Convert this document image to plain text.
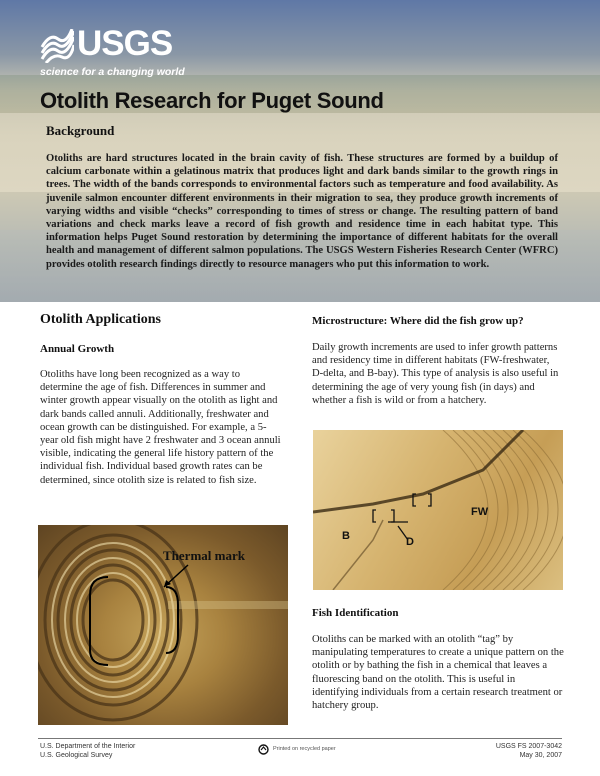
USGS
science for a changing world
Otolith Research for Puget Sound
Background
Otoliths are hard structures located in the brain cavity of fish. These structures are formed by a buildup of calcium carbonate within a gelatinous matrix that produces light and dark bands similar to the growth rings in trees. The width of the bands corresponds to environmental factors such as temperature and food availability. As juvenile salmon encounter different environments in their migration to sea, they produce growth increments of varying widths and visible “checks” corresponding to times of stress or change. The resulting pattern of band variations and check marks leave a record of fish growth and residence time in each habitat type. This information helps Puget Sound restoration by determining the importance of different habitats for the overall health and management of different salmon populations. The USGS Western Fisheries Research Center (WFRC) provides otolith research findings directly to resource managers who put this information to work.
Otolith Applications
Annual Growth
Otoliths have long been recognized as a way to determine the age of fish. Differences in summer and winter growth appear visually on the otolith as light and dark bands called annuli. Additionally, freshwater and ocean growth can be distinguished. For example, a 5-year old fish might have 2 freshwater and 3 ocean annuli visible, indicating the general life history pattern of the individual fish. Individual based growth rates can be determined, since otolith size is related to fish size.
Thermal mark
Microstructure: Where did the fish grow up?
Daily growth increments are used to infer growth patterns and residency time in different habitats (FW-freshwater, D-delta, and B-bay). This type of analysis is also useful in determining the age of very young fish (in days) and whether a fish is wild or from a hatchery.
FW
B	D
Fish Identification
Otoliths can be marked with an otolith “tag” by manipulating temperatures to create a unique pattern on the otolith or by bathing the fish in a chemical that leaves a fluorescing band on the otolith. This is useful in identifying individuals from a certain research treatment or hatchery group.
U.S. Department of the Interior
U.S. Geological Survey
Printed on recycled paper	USGS FS 2007-3042
May 30, 2007
